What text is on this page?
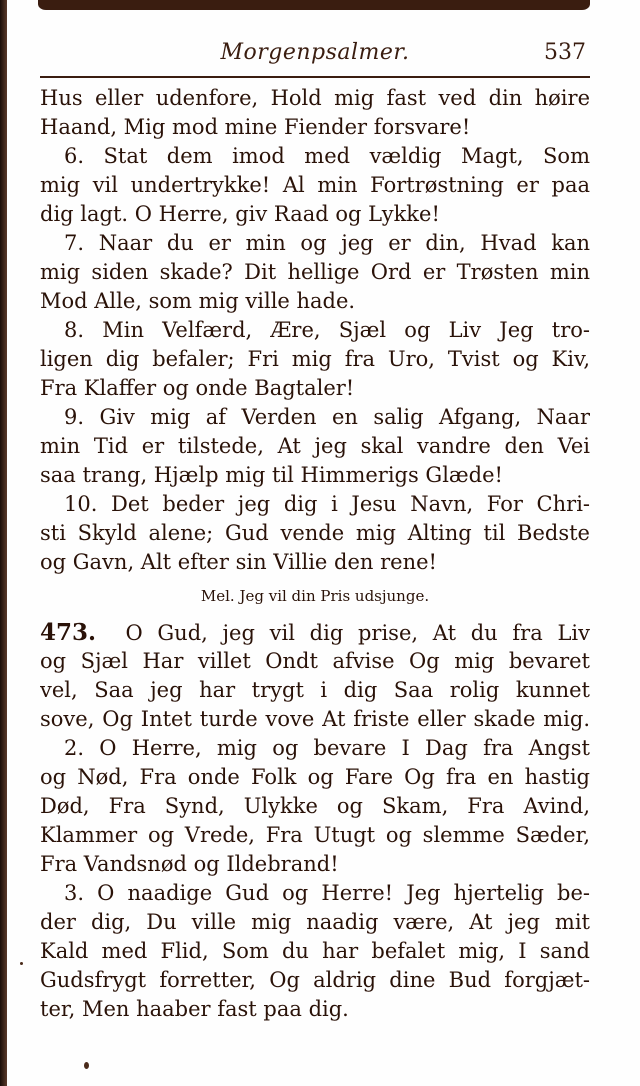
Morgenpsalmer.	537
Hus eller udenfore, Hold mig fast ved din høire
Haand, Mig mod mine Fiender forsvare!
6. Stat dem imod med vældig Magt, Som
mig vil undertrykke! Al min Fortrøstning er paa
dig lagt. O Herre, giv Raad og Lykke!
7. Naar du er min og jeg er din, Hvad kan
mig siden skade? Dit hellige Ord er Trøsten min
Mod Alle, som mig ville hade.
8. Min Velfærd, Ære, Sjæl og Liv Jeg tro-
ligen dig befaler; Fri mig fra Uro, Tvist og Kiv,
Fra Klaffer og onde Bagtaler!
9. Giv mig af Verden en salig Afgang, Naar
min Tid er tilstede, At jeg skal vandre den Vei
saa trang, Hjælp mig til Himmerigs Glæde!
10. Det beder jeg dig i Jesu Navn, For Chri-
sti Skyld alene; Gud vende mig Alting til Bedste
og Gavn, Alt efter sin Villie den rene!
Mel. Jeg vil din Pris udsjunge.
473. O Gud, jeg vil dig prise, At du fra Liv
og Sjæl Har villet Ondt afvise Og mig bevaret
vel, Saa jeg har trygt i dig Saa rolig kunnet
sove, Og Intet turde vove At friste eller skade mig.
2. O Herre, mig og bevare I Dag fra Angst
og Nød, Fra onde Folk og Fare Og fra en hastig
Død, Fra Synd, Ulykke og Skam, Fra Avind,
Klammer og Vrede, Fra Utugt og slemme Sæder,
Fra Vandsnød og Ildebrand!
3. O naadige Gud og Herre! Jeg hjertelig be-
der dig, Du ville mig naadig være, At jeg mit
Kald med Flid, Som du har befalet mig, I sand
Gudsfrygt forretter, Og aldrig dine Bud forgjæt-
ter, Men haaber fast paa dig.
